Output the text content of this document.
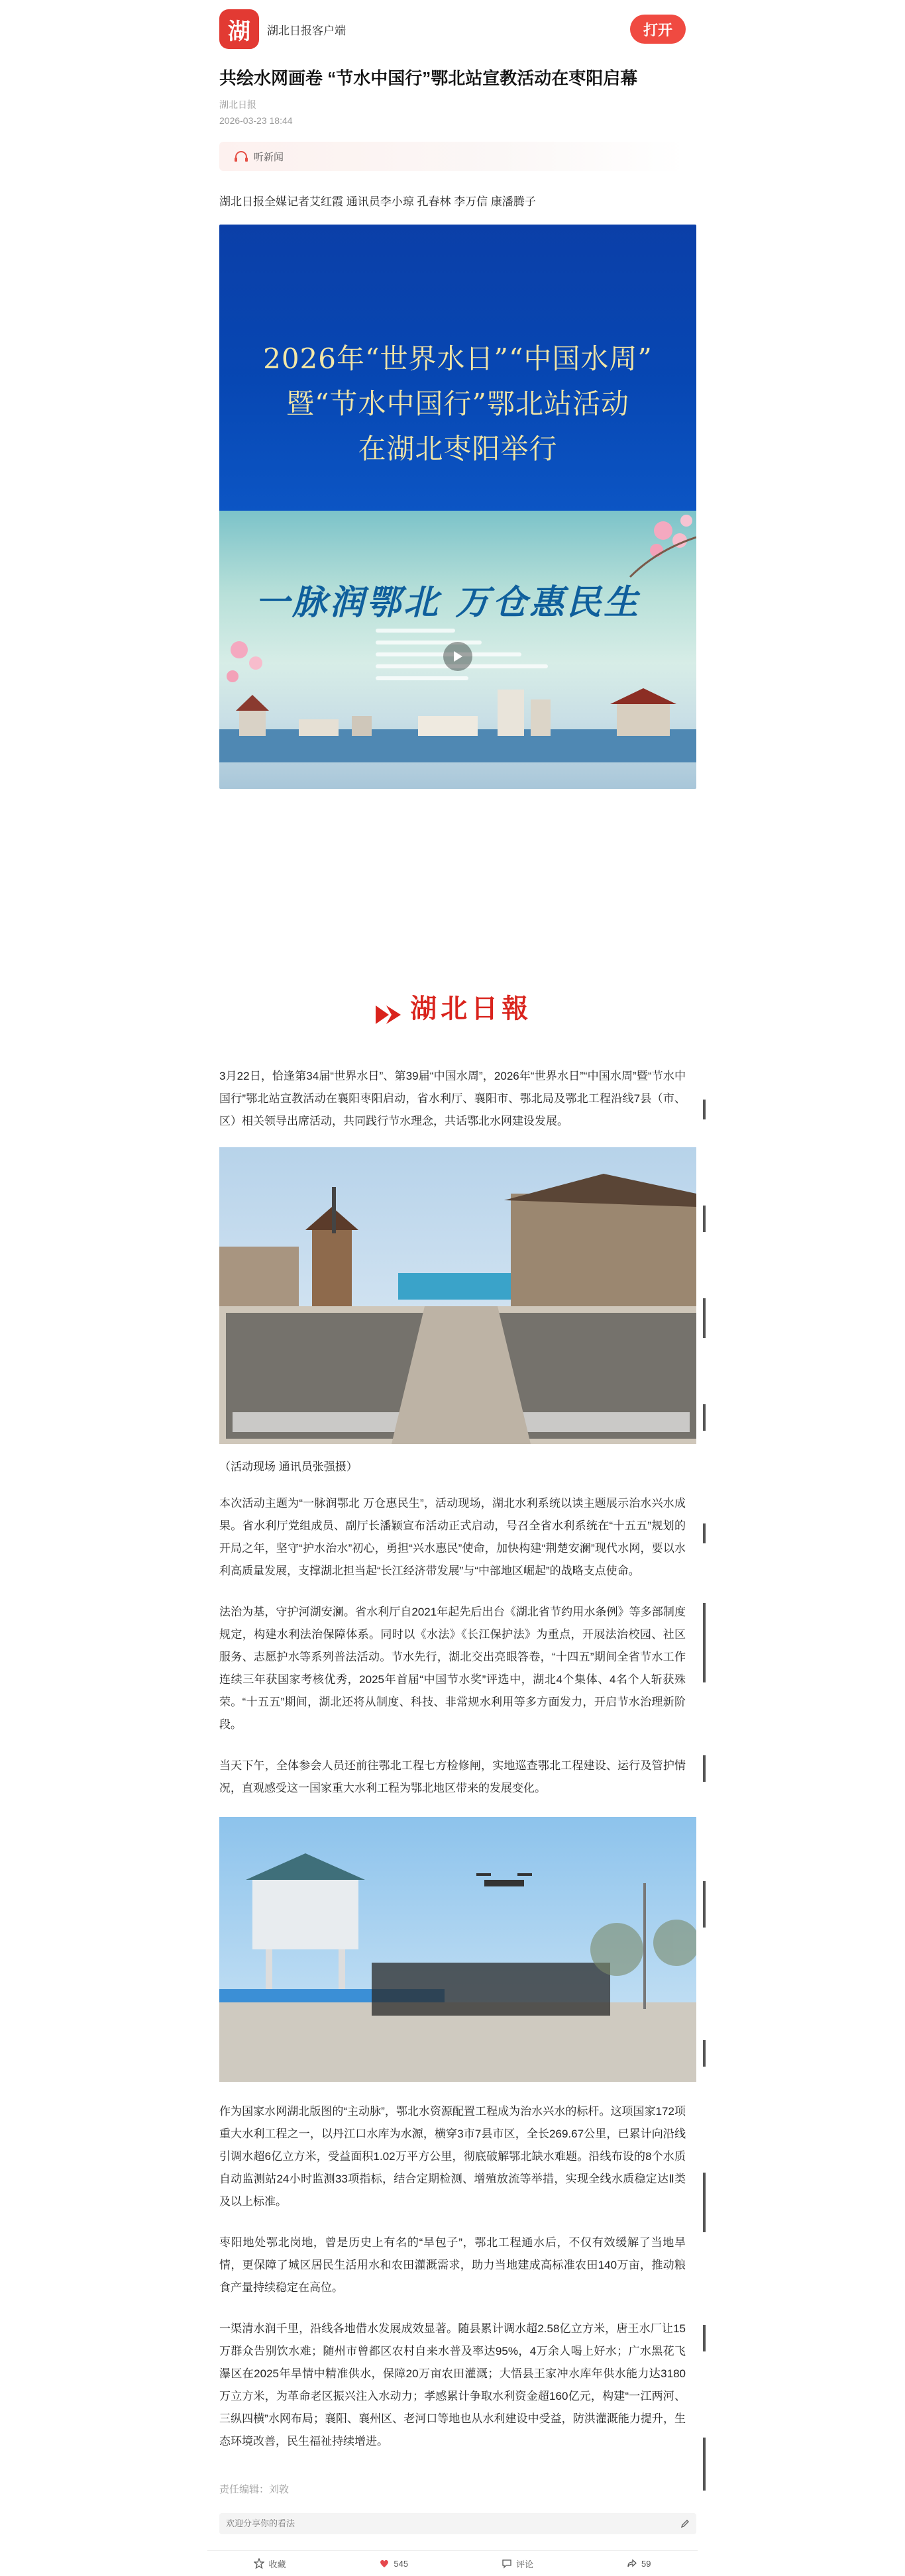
湖	湖北日报客户端	打开
共绘水网画卷 “节水中国行”鄂北站宣教活动在枣阳启幕
湖北日报
2026-03-23 18:44
听新闻
湖北日报全媒记者艾红霞 通讯员李小琼 孔春林 李万信 康潘腾子
2026年“世界水日”“中国水周”
暨“节水中国行”鄂北站活动
在湖北枣阳举行
一脉润鄂北 万仓惠民生
湖北日報

3月22日，恰逢第34届“世界水日”、第39届“中国水周”，2026年“世界水日”“中国水周”暨“节水中国行”鄂北站宣教活动在襄阳枣阳启动，省水利厅、襄阳市、鄂北局及鄂北工程沿线7县（市、区）相关领导出席活动，共同践行节水理念，共话鄂北水网建设发展。

（活动现场 通讯员张强摄）

本次活动主题为“一脉润鄂北 万仓惠民生”，活动现场，湖北水利系统以读主题展示治水兴水成果。省水利厅党组成员、副厅长潘颖宣布活动正式启动，号召全省水利系统在“十五五”规划的开局之年，坚守“护水治水”初心，勇担“兴水惠民”使命，加快构建“荆楚安澜”现代水网，要以水利高质量发展，支撑湖北担当起“长江经济带发展”与“中部地区崛起”的战略支点使命。

法治为基，守护河湖安澜。省水利厅自2021年起先后出台《湖北省节约用水条例》等多部制度规定，构建水利法治保障体系。同时以《水法》《长江保护法》为重点，开展法治校园、社区服务、志愿护水等系列普法活动。节水先行，湖北交出亮眼答卷，“十四五”期间全省节水工作连续三年获国家考核优秀，2025年首届“中国节水奖”评选中，湖北4个集体、4名个人斩获殊荣。“十五五”期间，湖北还将从制度、科技、非常规水利用等多方面发力，开启节水治理新阶段。

当天下午，全体参会人员还前往鄂北工程七方检修闸，实地巡查鄂北工程建设、运行及管护情况，直观感受这一国家重大水利工程为鄂北地区带来的发展变化。

作为国家水网湖北版图的“主动脉”，鄂北水资源配置工程成为治水兴水的标杆。这项国家172项重大水利工程之一，以丹江口水库为水源，横穿3市7县市区，全长269.67公里，已累计向沿线引调水超6亿立方米，受益面积1.02万平方公里，彻底破解鄂北缺水难题。沿线布设的8个水质自动监测站24小时监测33项指标，结合定期检测、增殖放流等举措，实现全线水质稳定达Ⅱ类及以上标准。

枣阳地处鄂北岗地，曾是历史上有名的“旱包子”，鄂北工程通水后，不仅有效缓解了当地旱情，更保障了城区居民生活用水和农田灌溉需求，助力当地建成高标准农田140万亩，推动粮食产量持续稳定在高位。

一渠清水润千里，沿线各地借水发展成效显著。随县累计调水超2.58亿立方米，唐王水厂让15万群众告别饮水难；随州市曾都区农村自来水普及率达95%，4万余人喝上好水；广水黑花飞瀑区在2025年旱情中精准供水，保障20万亩农田灌溉；大悟县王家冲水库年供水能力达3180万立方米，为革命老区振兴注入水动力；孝感累计争取水利资金超160亿元，构建“一江两河、三纵四横”水网布局；襄阳、襄州区、老河口等地也从水利建设中受益，防洪灌溉能力提升，生态环境改善，民生福祉持续增进。

责任编辑：刘敦
欢迎分享你的看法
收藏	545	评论	59
